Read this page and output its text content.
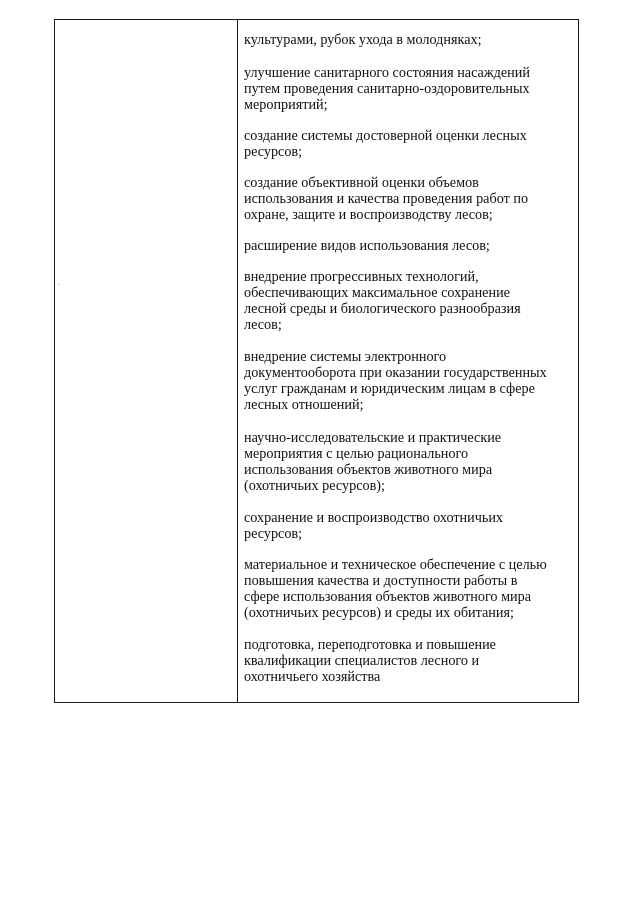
культурами, рубок ухода в молодняках;

улучшение санитарного состояния насаждений
путем проведения санитарно-оздоровительных
мероприятий;

создание системы достоверной оценки лесных
ресурсов;

создание объективной оценки объемов
использования и качества проведения работ по
охране, защите и воспроизводству лесов;

расширение видов использования лесов;

внедрение прогрессивных технологий,
обеспечивающих максимальное сохранение
лесной среды и биологического разнообразия
лесов;

внедрение системы электронного
документооборота при оказании государственных
услуг гражданам и юридическим лицам в сфере
лесных отношений;

научно-исследовательские и практические
мероприятия с целью рационального
использования объектов животного мира
(охотничьих ресурсов);

сохранение и воспроизводство охотничьих
ресурсов;

материальное и техническое обеспечение с целью
повышения качества и доступности работы в
сфере использования объектов животного мира
(охотничьих ресурсов) и среды их обитания;

подготовка, переподготовка и повышение
квалификации специалистов лесного и
охотничьего хозяйства
